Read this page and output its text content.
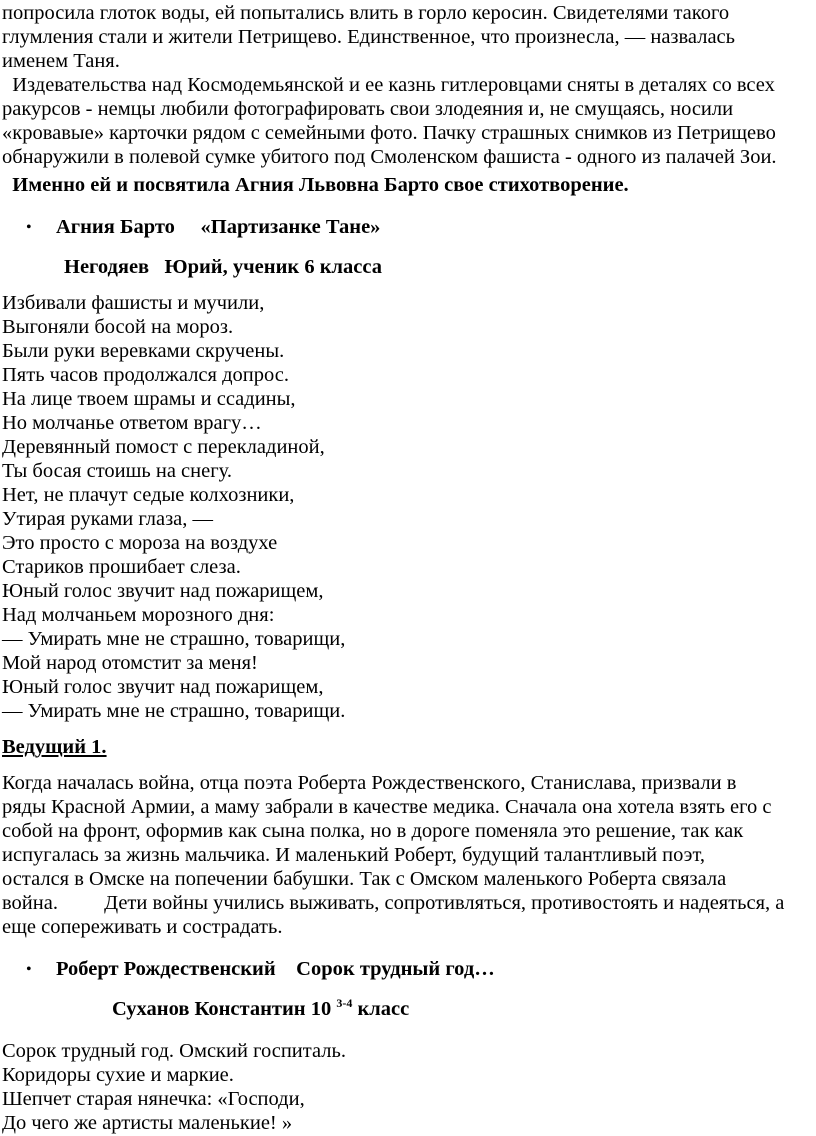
попросила глоток воды, ей попытались влить в горло керосин. Свидетелями такого
глумления стали и жители Петрищево. Единственное, что произнесла, — назвалась
именем Таня.
Издевательства над Космодемьянской и ее казнь гитлеровцами сняты в деталях со всех
ракурсов - немцы любили фотографировать свои злодеяния и, не смущаясь, носили
«кровавые» карточки рядом с семейными фото. Пачку страшных снимков из Петрищево
обнаружили в полевой сумке убитого под Смоленском фашиста - одного из палачей Зои.
Именно ей и посвятила Агния Львовна Барто свое стихотворение.
• Агния Барто     «Партизанке Тане»
Негодяев   Юрий, ученик 6 класса
Избивали фашисты и мучили,
Выгоняли босой на мороз.
Были руки веревками скручены.
Пять часов продолжался допрос.
На лице твоем шрамы и ссадины,
Но молчанье ответом врагу…
Деревянный помост с перекладиной,
Ты босая стоишь на снегу.
Нет, не плачут седые колхозники,
Утирая руками глаза, —
Это просто с мороза на воздухе
Стариков прошибает слеза.
Юный голос звучит над пожарищем,
Над молчаньем морозного дня:
— Умирать мне не страшно, товарищи,
Мой народ отомстит за меня!
Юный голос звучит над пожарищем,
— Умирать мне не страшно, товарищи.
Ведущий 1.
Когда началась война, отца поэта Роберта Рождественского, Станислава, призвали в
ряды Красной Армии, а маму забрали в качестве медика. Сначала она хотела взять его с
собой на фронт, оформив как сына полка, но в дороге поменяла это решение, так как
испугалась за жизнь мальчика. И маленький Роберт, будущий талантливый поэт,
остался в Омске на попечении бабушки. Так с Омском маленького Роберта связала
война.         Дети войны учились выживать, сопротивляться, противостоять и надеяться, а
еще сопереживать и сострадать.
• Роберт Рождественский    Сорок трудный год…
Суханов Константин 10 $^{3-4}$ класс
Сорок трудный год. Омский госпиталь.
Коридоры сухие и маркие.
Шепчет старая нянечка: «Господи,
До чего же артисты маленькие! »
